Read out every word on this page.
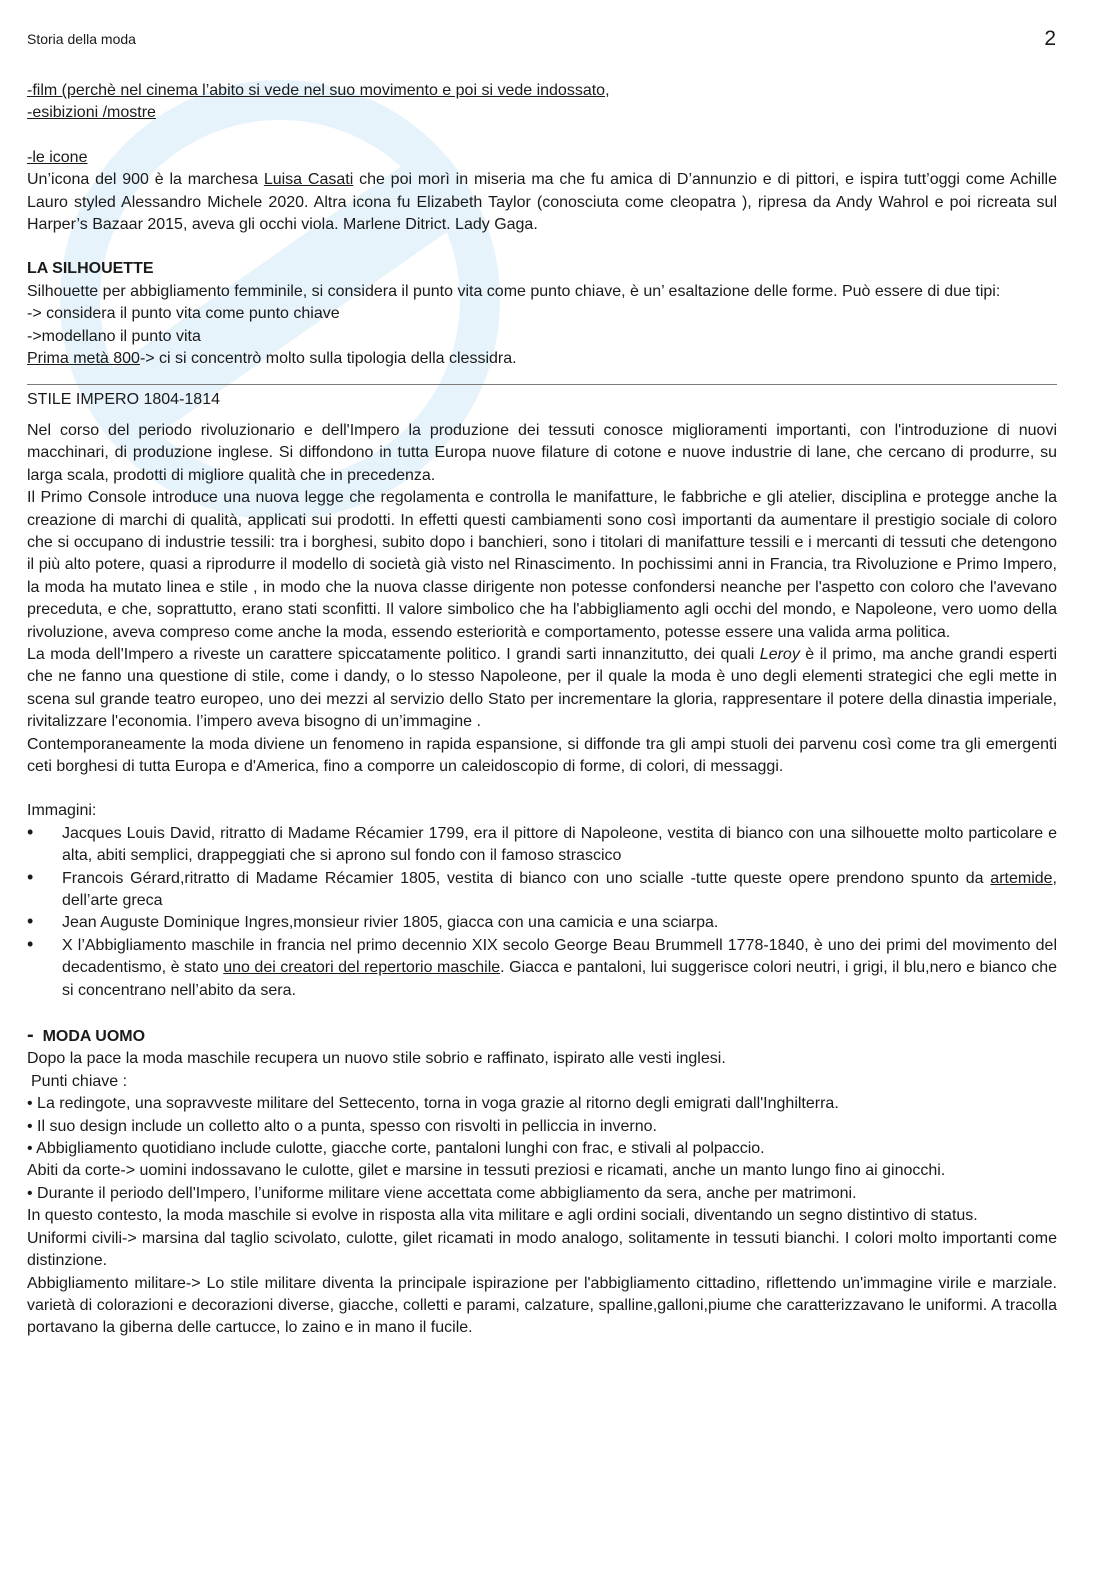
Storia della moda	2
-film (perchè nel cinema l’abito si vede nel suo movimento e poi si vede indossato,
-esibizioni /mostre
-le icone
Un’icona del 900 è la marchesa Luisa Casati che poi morì in miseria ma che fu amica di D’annunzio e di pittori, e ispira tutt’oggi come Achille Lauro styled Alessandro Michele 2020. Altra icona fu Elizabeth Taylor (conosciuta come cleopatra ), ripresa da Andy Wahrol e poi ricreata sul Harper’s Bazaar 2015, aveva gli occhi viola. Marlene Ditrict. Lady Gaga.
LA SILHOUETTE
Silhouette per abbigliamento femminile, si considera il punto vita come punto chiave, è un’ esaltazione delle forme. Può essere di due tipi:
-> considera il punto vita come punto chiave
->modellano il punto vita
Prima metà 800-> ci si concentrò molto sulla tipologia della clessidra.
STILE IMPERO 1804-1814
Nel corso del periodo rivoluzionario e dell'Impero la produzione dei tessuti conosce miglioramenti importanti, con l'introduzione di nuovi macchinari, di produzione inglese. Si diffondono in tutta Europa nuove filature di cotone e nuove industrie di lane, che cercano di produrre, su larga scala, prodotti di migliore qualità che in precedenza.
Il Primo Console introduce una nuova legge che regolamenta e controlla le manifatture, le fabbriche e gli atelier, disciplina e protegge anche la creazione di marchi di qualità, applicati sui prodotti. In effetti questi cambiamenti sono così importanti da aumentare il prestigio sociale di coloro che si occupano di industrie tessili: tra i borghesi, subito dopo i banchieri, sono i titolari di manifatture tessili e i mercanti di tessuti che detengono il più alto potere, quasi a riprodurre il modello di società già visto nel Rinascimento. In pochissimi anni in Francia, tra Rivoluzione e Primo Impero, la moda ha mutato linea e stile , in modo che la nuova classe dirigente non potesse confondersi neanche per l'aspetto con coloro che l'avevano preceduta, e che, soprattutto, erano stati sconfitti. Il valore simbolico che ha l'abbigliamento agli occhi del mondo, e Napoleone, vero uomo della rivoluzione, aveva compreso come anche la moda, essendo esteriorità e comportamento, potesse essere una valida arma politica.
La moda dell'Impero a riveste un carattere spiccatamente politico. I grandi sarti innanzitutto, dei quali Leroy è il primo, ma anche grandi esperti che ne fanno una questione di stile, come i dandy, o lo stesso Napoleone, per il quale la moda è uno degli elementi strategici che egli mette in scena sul grande teatro europeo, uno dei mezzi al servizio dello Stato per incrementare la gloria, rappresentare il potere della dinastia imperiale, rivitalizzare l'economia. l’impero aveva bisogno di un’immagine .
Contemporaneamente la moda diviene un fenomeno in rapida espansione, si diffonde tra gli ampi stuoli dei parvenu così come tra gli emergenti ceti borghesi di tutta Europa e d'America, fino a comporre un caleidoscopio di forme, di colori, di messaggi.
Immagini:
• Jacques Louis David, ritratto di Madame Récamier 1799, era il pittore di Napoleone, vestita di bianco con una silhouette molto particolare e alta, abiti semplici, drappeggiati che si aprono sul fondo con il famoso strascico
• Francois Gérard,ritratto di Madame Récamier 1805, vestita di bianco con uno scialle -tutte queste opere prendono spunto da artemide, dell’arte greca
• Jean Auguste Dominique Ingres,monsieur rivier 1805, giacca con una camicia e una sciarpa.
• X l’Abbigliamento maschile in francia nel primo decennio XIX secolo George Beau Brummell 1778-1840, è uno dei primi del movimento del decadentismo, è stato uno dei creatori del repertorio maschile. Giacca e pantaloni, lui suggerisce colori neutri, i grigi, il blu,nero e bianco che si concentrano nell’abito da sera.
- MODA UOMO
Dopo la pace la moda maschile recupera un nuovo stile sobrio e raffinato, ispirato alle vesti inglesi.
Punti chiave :
• La redingote, una sopravveste militare del Settecento, torna in voga grazie al ritorno degli emigrati dall'Inghilterra.
• Il suo design include un colletto alto o a punta, spesso con risvolti in pelliccia in inverno.
• Abbigliamento quotidiano include culotte, giacche corte, pantaloni lunghi con frac, e stivali al polpaccio.
Abiti da corte-> uomini indossavano le culotte, gilet e marsine in tessuti preziosi e ricamati, anche un manto lungo fino ai ginocchi.
• Durante il periodo dell'Impero, l’uniforme militare viene accettata come abbigliamento da sera, anche per matrimoni.
In questo contesto, la moda maschile si evolve in risposta alla vita militare e agli ordini sociali, diventando un segno distintivo di status.
Uniformi civili-> marsina dal taglio scivolato, culotte, gilet ricamati in modo analogo, solitamente in tessuti bianchi. I colori molto importanti come distinzione.
Abbigliamento militare-> Lo stile militare diventa la principale ispirazione per l'abbigliamento cittadino, riflettendo un'immagine virile e marziale. varietà di colorazioni e decorazioni diverse, giacche, colletti e parami, calzature, spalline,galloni,piume che caratterizzavano le uniformi. A tracolla portavano la giberna delle cartucce, lo zaino e in mano il fucile.
